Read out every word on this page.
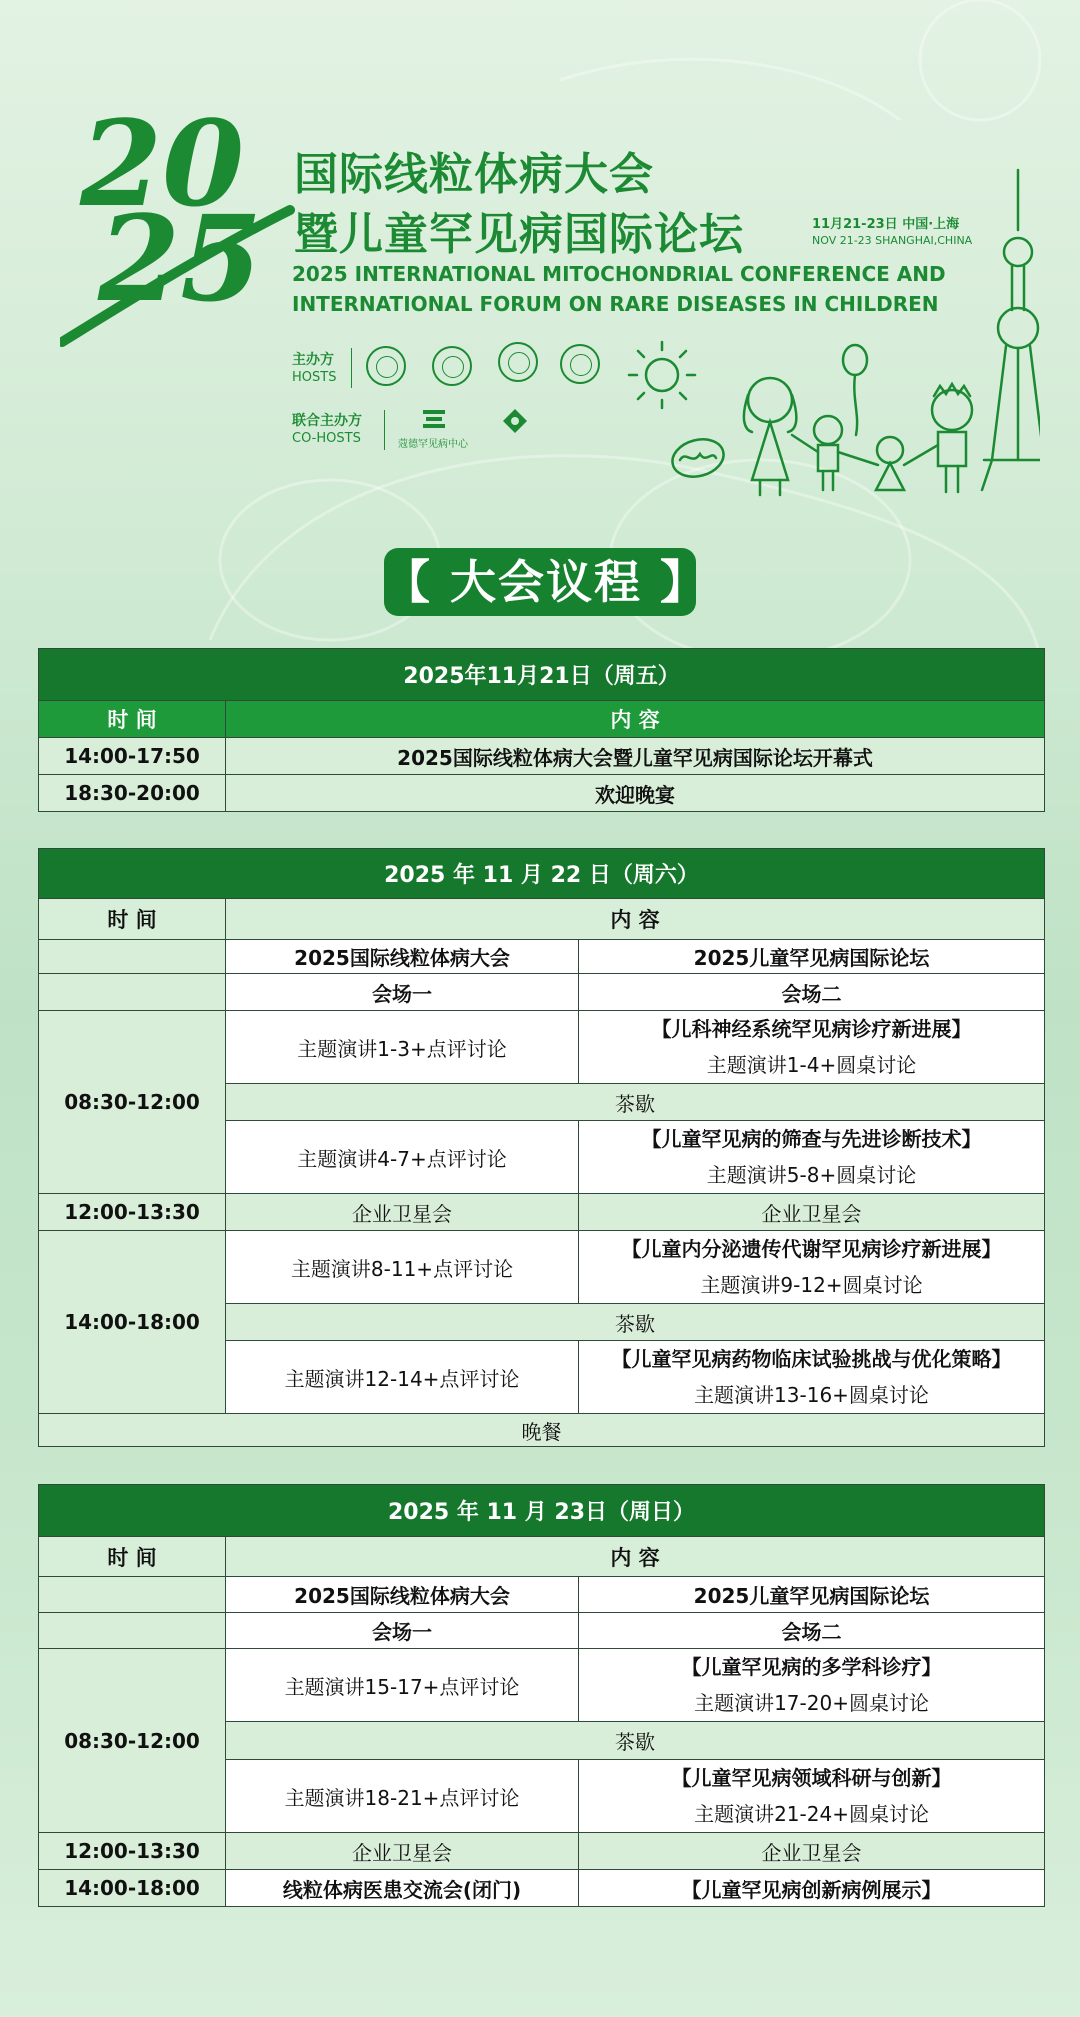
20
25
国际线粒体病大会
暨儿童罕见病国际论坛	11月21-23日 中国·上海
NOV 21-23 SHANGHAI,CHINA
2025 INTERNATIONAL MITOCHONDRIAL CONFERENCE AND
INTERNATIONAL FORUM ON RARE DISEASES IN CHILDREN
主办方
HOSTS
联合主办方
CO-HOSTS	蔻德罕见病中心
【 大会议程 】
2025年11月21日（周五）	
时 间	内 容
14:00-17:50	2025国际线粒体病大会暨儿童罕见病国际论坛开幕式
18:30-20:00	欢迎晚宴
2025 年 11 月 22 日（周六）		
时 间	内 容	
	2025国际线粒体病大会	2025儿童罕见病国际论坛
	会场一	会场二
08:30-12:00	主题演讲1-3+点评讨论	【儿科神经系统罕见病诊疗新进展】
主题演讲1-4+圆桌讨论

	茶歇	
	主题演讲4-7+点评讨论	【儿童罕见病的筛查与先进诊断技术】
主题演讲5-8+圆桌讨论

12:00-13:30	企业卫星会	企业卫星会
14:00-18:00	主题演讲8-11+点评讨论	【儿童内分泌遗传代谢罕见病诊疗新进展】
主题演讲9-12+圆桌讨论

	茶歇	
	主题演讲12-14+点评讨论	【儿童罕见病药物临床试验挑战与优化策略】
主题演讲13-16+圆桌讨论

晚餐		
2025 年 11 月 23日（周日）		
时 间	内 容	
	2025国际线粒体病大会	2025儿童罕见病国际论坛
	会场一	会场二
08:30-12:00	主题演讲15-17+点评讨论	【儿童罕见病的多学科诊疗】
主题演讲17-20+圆桌讨论

	茶歇	
	主题演讲18-21+点评讨论	【儿童罕见病领域科研与创新】
主题演讲21-24+圆桌讨论

12:00-13:30	企业卫星会	企业卫星会
14:00-18:00	线粒体病医患交流会(闭门)	【儿童罕见病创新病例展示】
